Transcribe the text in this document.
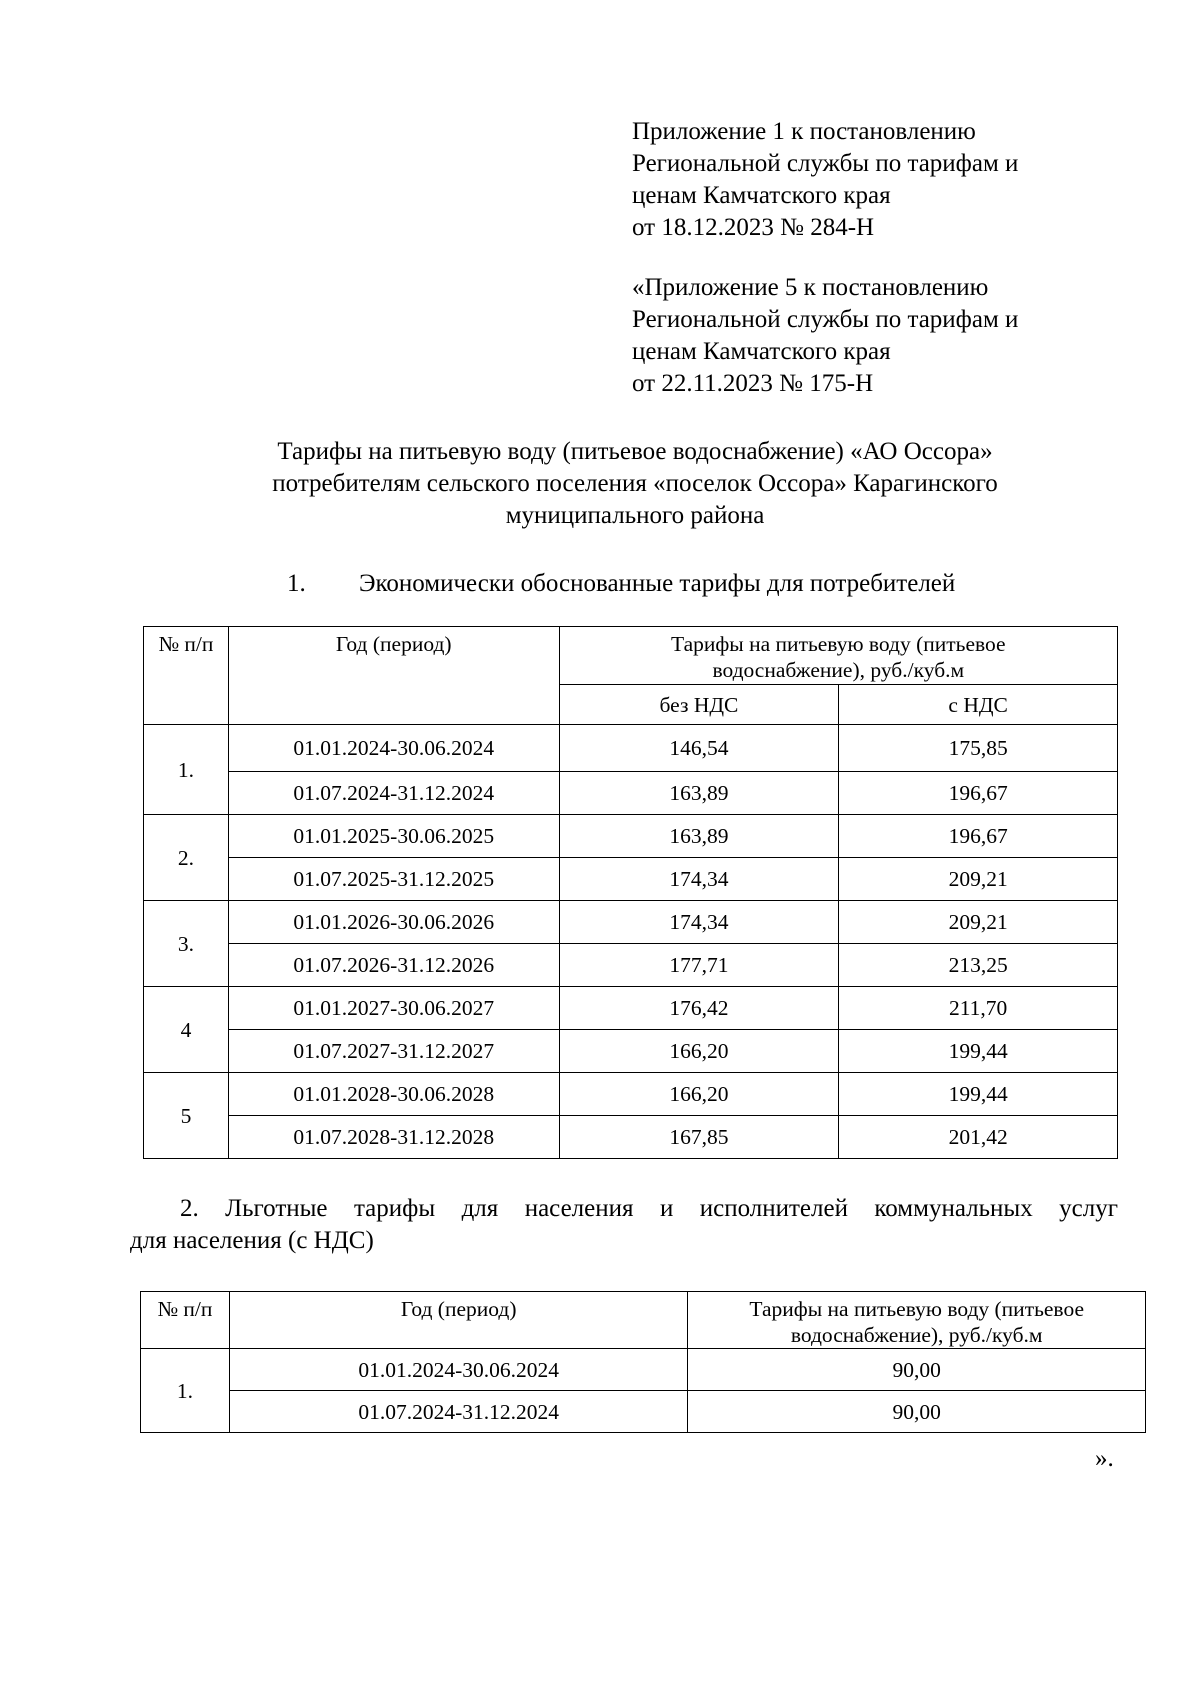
Приложение 1 к постановлению
Региональной службы по тарифам и
ценам Камчатского края
от 18.12.2023 № 284-Н
«Приложение 5 к постановлению
Региональной службы по тарифам и
ценам Камчатского края
от 22.11.2023 № 175-Н
Тарифы на питьевую воду (питьевое водоснабжение) «АО Оссора»
потребителям сельского поселения «поселок Оссора» Карагинского
муниципального района
1. Экономически обоснованные тарифы для потребителей
№ п/п	Год (период)	Тарифы на питьевую воду (питьевое
водоснабжение), руб./куб.м	

		без НДС	с НДС
1.	01.01.2024-30.06.2024	146,54	175,85
	01.07.2024-31.12.2024	163,89	196,67
2.	01.01.2025-30.06.2025	163,89	196,67
	01.07.2025-31.12.2025	174,34	209,21
3.	01.01.2026-30.06.2026	174,34	209,21
	01.07.2026-31.12.2026	177,71	213,25
4	01.01.2027-30.06.2027	176,42	211,70
	01.07.2027-31.12.2027	166,20	199,44
5	01.01.2028-30.06.2028	166,20	199,44
	01.07.2028-31.12.2028	167,85	201,42
2. Льготные тарифы для населения и исполнителей коммунальных услуг
для населения (с НДС)
№ п/п	Год (период)	Тарифы на питьевую воду (питьевое
водоснабжение), руб./куб.м

1.	01.01.2024-30.06.2024	90,00
	01.07.2024-31.12.2024	90,00
».
